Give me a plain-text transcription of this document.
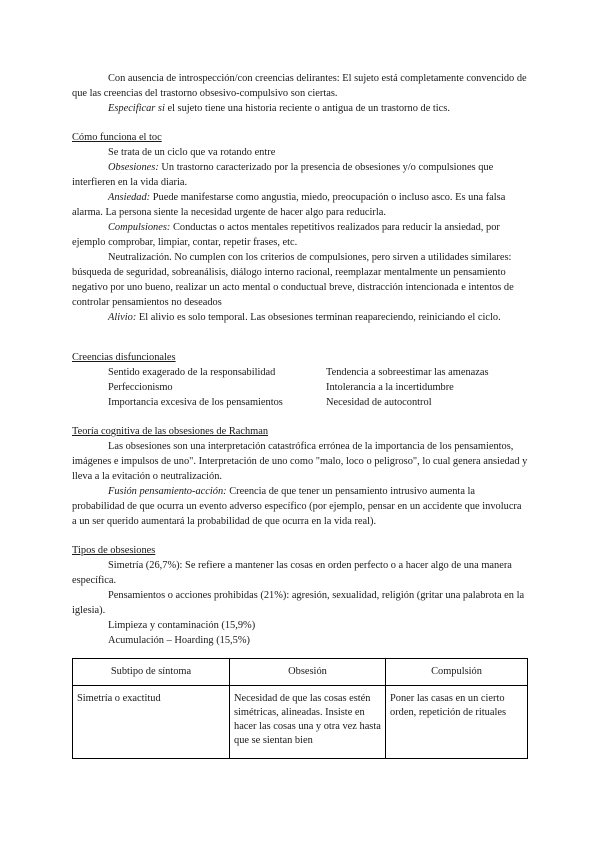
Con ausencia de introspección/con creencias delirantes: El sujeto está completamente convencido de que las creencias del trastorno obsesivo-compulsivo son ciertas.

Especificar si el sujeto tiene una historia reciente o antigua de un trastorno de tics.

Cómo funciona el toc

Se trata de un ciclo que va rotando entre

Obsesiones: Un trastorno caracterizado por la presencia de obsesiones y/o compulsiones que interfieren en la vida diaria.

Ansiedad: Puede manifestarse como angustia, miedo, preocupación o incluso asco. Es una falsa alarma. La persona siente la necesidad urgente de hacer algo para reducirla.

Compulsiones: Conductas o actos mentales repetitivos realizados para reducir la ansiedad, por ejemplo comprobar, limpiar, contar, repetir frases, etc.

Neutralización. No cumplen con los criterios de compulsiones, pero sirven a utilidades similares: búsqueda de seguridad, sobreanálisis, diálogo interno racional, reemplazar mentalmente un pensamiento negativo por uno bueno, realizar un acto mental o conductual breve, distracción intencionada e intentos de controlar pensamientos no deseados

Alivio: El alivio es solo temporal. Las obsesiones terminan reapareciendo, reiniciando el ciclo.

Creencias disfuncionales

Sentido exagerado de la responsabilidad	Tendencia a sobreestimar las amenazas
Perfeccionismo	Intolerancia a la incertidumbre
Importancia excesiva de los pensamientos	Necesidad de autocontrol

Teoría cognitiva de las obsesiones de Rachman

Las obsesiones son una interpretación catastrófica errónea de la importancia de los pensamientos, imágenes e impulsos de uno". Interpretación de uno como "malo, loco o peligroso", lo cual genera ansiedad y lleva a la evitación o neutralización.

Fusión pensamiento-acción: Creencia de que tener un pensamiento intrusivo aumenta la probabilidad de que ocurra un evento adverso específico (por ejemplo, pensar en un accidente que involucra a un ser querido aumentará la probabilidad de que ocurra en la vida real).

Tipos de obsesiones

Simetría (26,7%): Se refiere a mantener las cosas en orden perfecto o a hacer algo de una manera específica.

Pensamientos o acciones prohibidas (21%): agresión, sexualidad, religión (gritar una palabrota en la iglesia).

Limpieza y contaminación (15,9%)

Acumulación – Hoarding (15,5%)

Subtipo de síntoma	Obsesión	Compulsión
Simetría o exactitud	Necesidad de que las cosas estén simétricas, alineadas. Insiste en hacer las cosas una y otra vez hasta que se sientan bien	Poner las casas en un cierto orden, repetición de rituales
